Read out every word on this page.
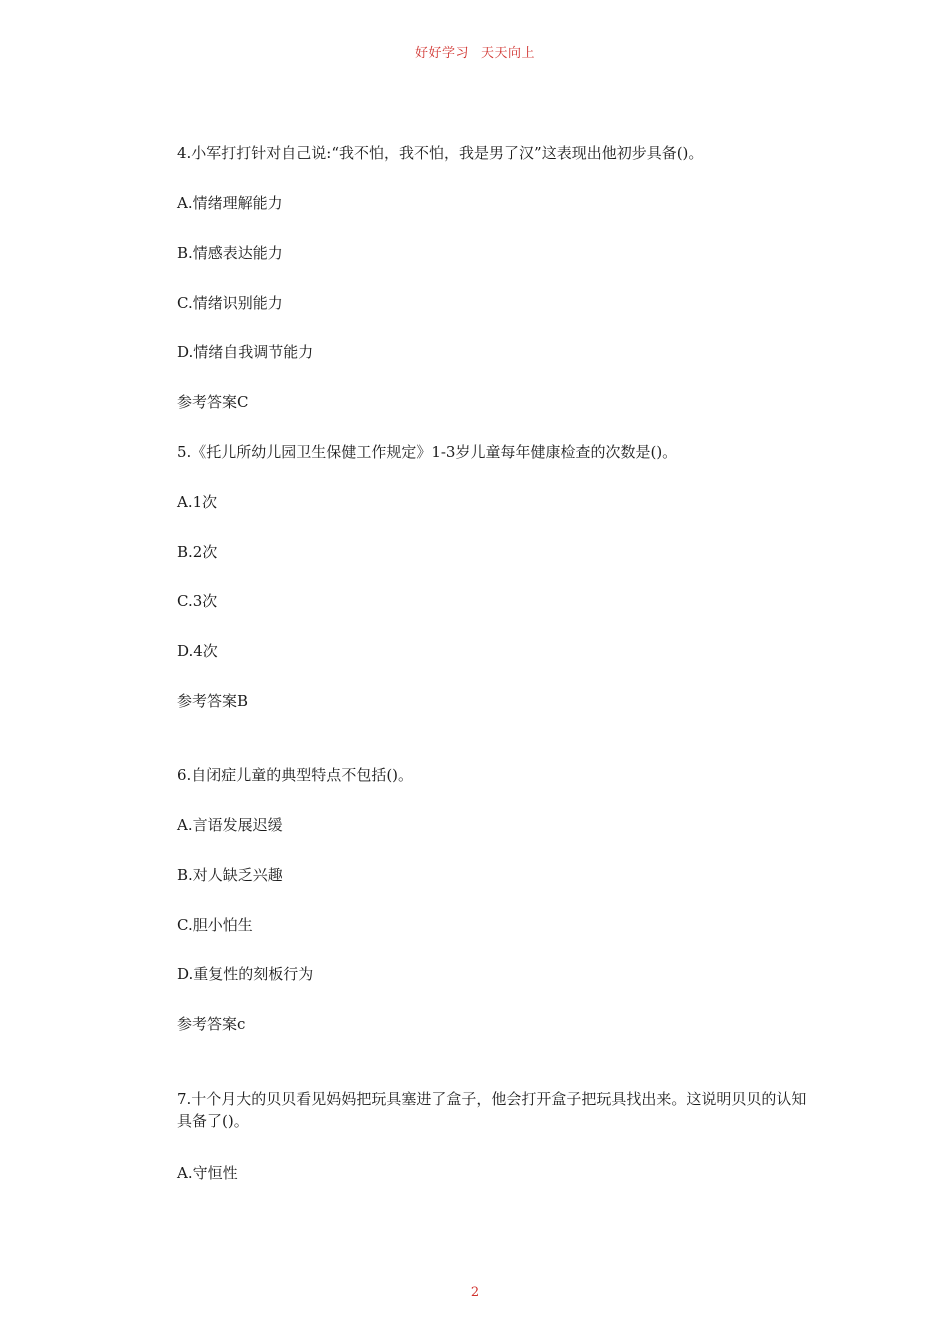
好好学习 天天向上
4.小军打打针对自己说:“我不怕，我不怕，我是男了汉”这表现出他初步具备()。
A.情绪理解能力
B.情感表达能力
C.情绪识别能力
D.情绪自我调节能力
参考答案C
5.《托儿所幼儿园卫生保健工作规定》1-3岁儿童每年健康检查的次数是()。
A.1次
B.2次
C.3次
D.4次
参考答案B
6.自闭症儿童的典型特点不包括()。
A.言语发展迟缓
B.对人缺乏兴趣
C.胆小怕生
D.重复性的刻板行为
参考答案c
7.十个月大的贝贝看见妈妈把玩具塞进了盒子，他会打开盒子把玩具找出来。这说明贝贝的认知具备了()。
A.守恒性
2
